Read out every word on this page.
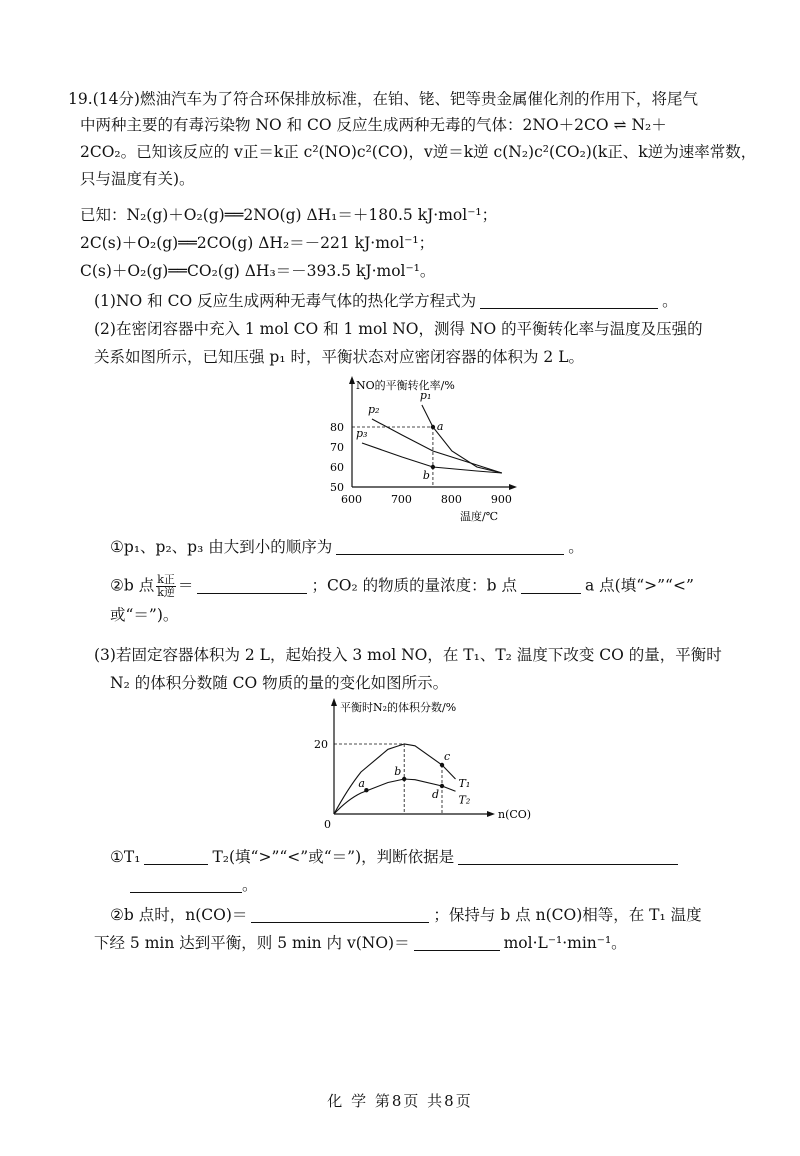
19.(14分)燃油汽车为了符合环保排放标准，在铂、铑、钯等贵金属催化剂的作用下，将尾气
中两种主要的有毒污染物 NO 和 CO 反应生成两种无毒的气体：2NO＋2CO ⇌ N₂＋
2CO₂。已知该反应的 v正＝k正 c²(NO)c²(CO)，v逆＝k逆 c(N₂)c²(CO₂)(k正、k逆为速率常数，
只与温度有关)。
已知：N₂(g)＋O₂(g)══2NO(g) ΔH₁＝＋180.5 kJ·mol⁻¹；
2C(s)＋O₂(g)══2CO(g) ΔH₂＝－221 kJ·mol⁻¹；
C(s)＋O₂(g)══CO₂(g) ΔH₃＝－393.5 kJ·mol⁻¹。
(1)NO 和 CO 反应生成两种无毒气体的热化学方程式为	。
(2)在密闭容器中充入 1 mol CO 和 1 mol NO，测得 NO 的平衡转化率与温度及压强的
关系如图所示，已知压强 p₁ 时，平衡状态对应密闭容器的体积为 2 L。
NO的平衡转化率/%
温度/℃
600	700	800	900
50
60
70
80
p₁
p₂
p₃
a
b
①p₁、p₂、p₃ 由大到小的顺序为	。
②b 点 $\frac{\text{k正}}{\text{k逆}}$ ＝	；CO₂ 的物质的量浓度：b 点	a 点(填“>”“<”
或“＝”)。
(3)若固定容器体积为 2 L，起始投入 3 mol NO，在 T₁、T₂ 温度下改变 CO 的量，平衡时
N₂ 的体积分数随 CO 物质的量的变化如图所示。
平衡时N₂的体积分数/%
n(CO)
0
20
T₁
T₂
a
b
c
d
①T₁	T₂(填“>”“<”或“＝”)，判断依据是
。
②b 点时，n(CO)＝	；保持与 b 点 n(CO)相等，在 T₁ 温度
下经 5 min 达到平衡，则 5 min 内 v(NO)＝	mol·L⁻¹·min⁻¹。
化 学 第8页 共8页
